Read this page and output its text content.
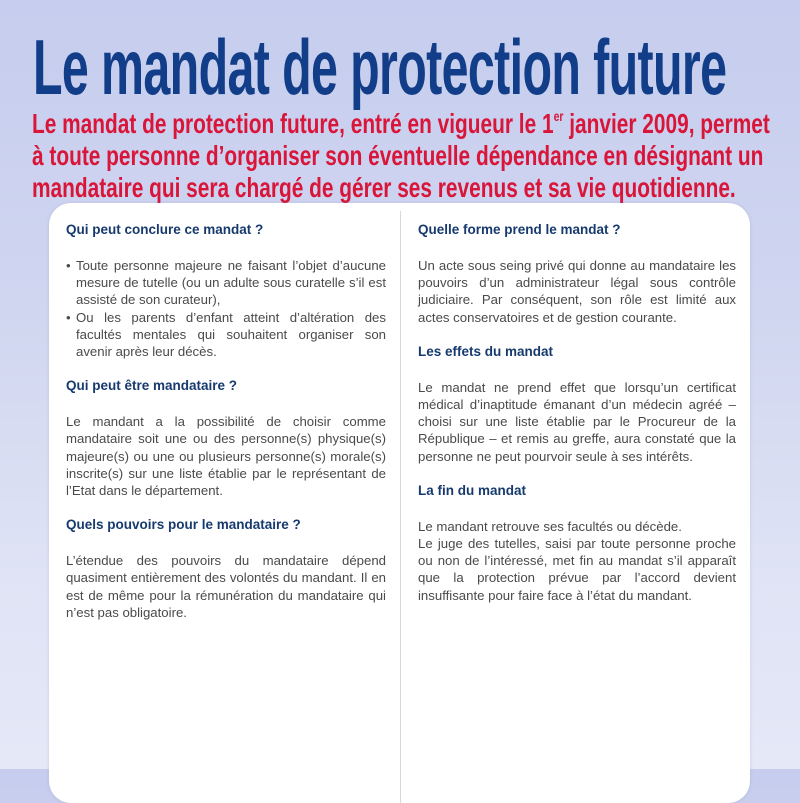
Le mandat de protection future

Le mandat de protection future, entré en vigueur le 1er janvier 2009, permet à toute personne d’organiser son éventuelle dépendance en désignant un mandataire qui sera chargé de gérer ses revenus et sa vie quotidienne.

Qui peut conclure ce mandat ?
• Toute personne majeure ne faisant l’objet d’aucune mesure de tutelle (ou un adulte sous curatelle s’il est assisté de son curateur),
• Ou les parents d’enfant atteint d’altération des facultés mentales qui souhaitent organiser son avenir après leur décès.
Qui peut être mandataire ?

Le mandant a la possibilité de choisir comme mandataire soit une ou des personne(s) physique(s) majeure(s) ou une ou plusieurs personne(s) morale(s) inscrite(s) sur une liste établie par le représentant de l’Etat dans le département.

Quels pouvoirs pour le mandataire ?

L’étendue des pouvoirs du mandataire dépend quasiment entièrement des volontés du mandant. Il en est de même pour la rémunération du mandataire qui n’est pas obligatoire.

Quelle forme prend le mandat ?

Un acte sous seing privé qui donne au mandataire les pouvoirs d’un administrateur légal sous contrôle judiciaire. Par conséquent, son rôle est limité aux actes conservatoires et de gestion courante.

Les effets du mandat

Le mandat ne prend effet que lorsqu’un certificat médical d’inaptitude émanant d’un médecin agréé – choisi sur une liste établie par le Procureur de la République – et remis au greffe, aura constaté que la personne ne peut pourvoir seule à ses intérêts.

La fin du mandat

Le mandant retrouve ses facultés ou décède.

Le juge des tutelles, saisi par toute personne proche ou non de l’intéressé, met fin au mandat s’il apparaît que la protection prévue par l’accord devient insuffisante pour faire face à l’état du mandant.
